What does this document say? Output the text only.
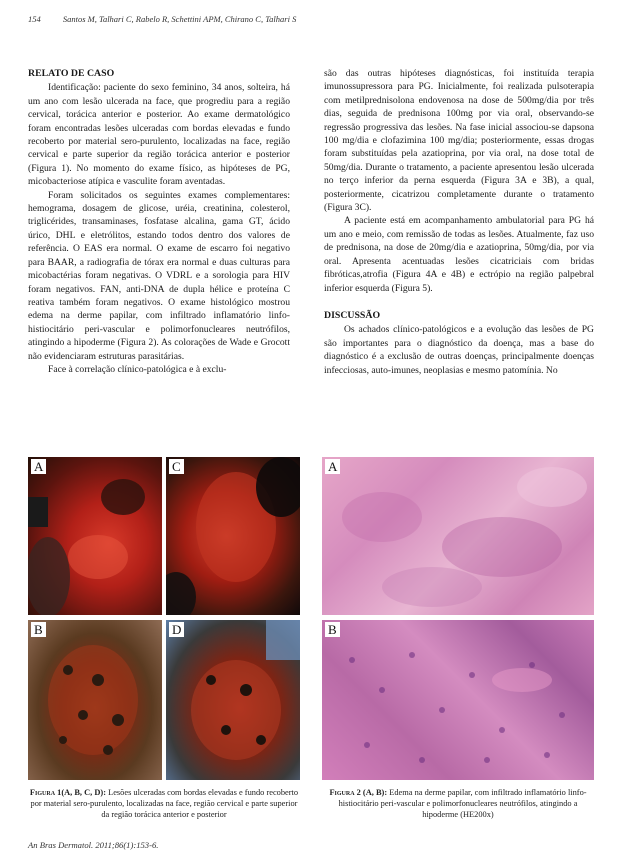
154	Santos M, Talhari C, Rabelo R, Schettini APM, Chirano C, Talhari S
RELATO DE CASO

Identificação: paciente do sexo feminino, 34 anos, solteira, há um ano com lesão ulcerada na face, que progrediu para a região cervical, torácica anterior e posterior. Ao exame dermatológico foram encontradas lesões ulceradas com bordas elevadas e fundo recoberto por material sero-purulento, localizadas na face, região cervical e parte superior da região torácica anterior e posterior (Figura 1). No momento do exame físico, as hipóteses de PG, micobacteriose atípica e vasculite foram aventadas.

Foram solicitados os seguintes exames complementares: hemograma, dosagem de glicose, uréia, creatinina, colesterol, triglicérides, transaminases, fosfatase alcalina, gama GT, ácido úrico, DHL e eletrólitos, estando todos dentro dos valores de referência. O EAS era normal. O exame de escarro foi negativo para BAAR, a radiografia de tórax era normal e duas culturas para micobactérias foram negativas. O VDRL e a sorologia para HIV foram negativos. FAN, anti-DNA de dupla hélice e proteína C reativa também foram negativos. O exame histológico mostrou edema na derme papilar, com infiltrado inflamatório linfo-histiocitário peri-vascular e polimorfonucleares neutrófilos, atingindo a hipoderme (Figura 2). As colorações de Wade e Grocott não evidenciaram estruturas parasitárias.

Face à correlação clínico-patológica e à exclu-

são das outras hipóteses diagnósticas, foi instituída terapia imunossupressora para PG. Inicialmente, foi realizada pulsoterapia com metilprednisolona endovenosa na dose de 500mg/dia por três dias, seguida de prednisona 100mg por via oral, observando-se regressão progressiva das lesões. Na fase inicial associou-se dapsona 100 mg/dia e clofazimina 100 mg/dia; posteriormente, essas drogas foram substituídas pela azatioprina, por via oral, na dose total de 50mg/dia. Durante o tratamento, a paciente apresentou lesão ulcerada no terço inferior da perna esquerda (Figura 3A e 3B), a qual, posteriormente, cicatrizou completamente durante o tratamento (Figura 3C).

A paciente está em acompanhamento ambulatorial para PG há um ano e meio, com remissão de todas as lesões. Atualmente, faz uso de prednisona, na dose de 20mg/dia e azatioprina, 50mg/dia, por via oral. Apresenta acentuadas lesões cicatriciais com bridas fibróticas,atrofia (Figura 4A e 4B) e ectrópio na região palpebral inferior esquerda (Figura 5).

DISCUSSÃO

Os achados clínico-patológicos e a evolução das lesões de PG são importantes para o diagnóstico da doença, mas a base do diagnóstico é a exclusão de outras doenças, principalmente doenças infecciosas, auto-imunes, neoplasias e mesmo patomínia. No

A	C
B	D
A
B
Figura 1(A, B, C, D): Lesões ulceradas com bordas elevadas e fundo recoberto por material sero-purulento, localizadas na face, região cervical e parte superior da região torácica anterior e posterior
Figura 2 (A, B): Edema na derme papilar, com infiltrado inflamatório linfo-histiocitário peri-vascular e polimorfonucleares neutrófilos, atingindo a hipoderme (HE200x)
An Bras Dermatol. 2011;86(1):153-6.
